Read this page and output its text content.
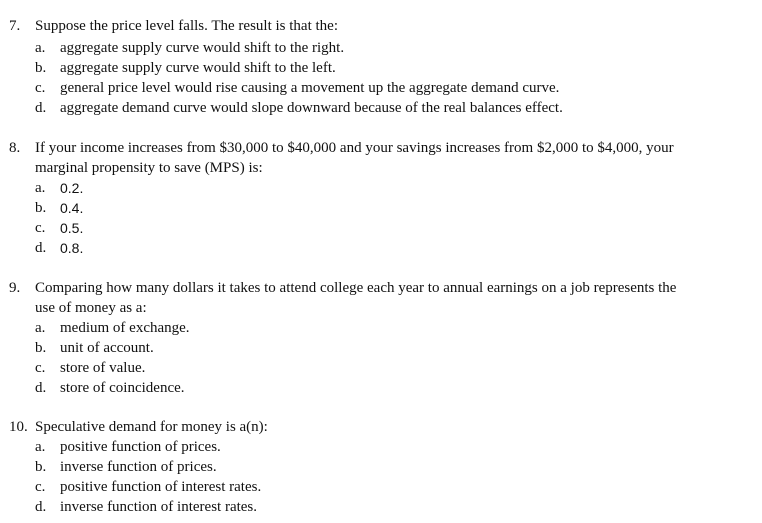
7. Suppose the price level falls. The result is that the:
a. aggregate supply curve would shift to the right.
b. aggregate supply curve would shift to the left.
c. general price level would rise causing a movement up the aggregate demand curve.
d. aggregate demand curve would slope downward because of the real balances effect.
8. If your income increases from $30,000 to $40,000 and your savings increases from $2,000 to $4,000, your
marginal propensity to save (MPS) is:
a. 0.2.
b. 0.4.
c. 0.5.
d. 0.8.
9. Comparing how many dollars it takes to attend college each year to annual earnings on a job represents the
use of money as a:
a. medium of exchange.
b. unit of account.
c. store of value.
d. store of coincidence.
10. Speculative demand for money is a(n):
a. positive function of prices.
b. inverse function of prices.
c. positive function of interest rates.
d. inverse function of interest rates.
